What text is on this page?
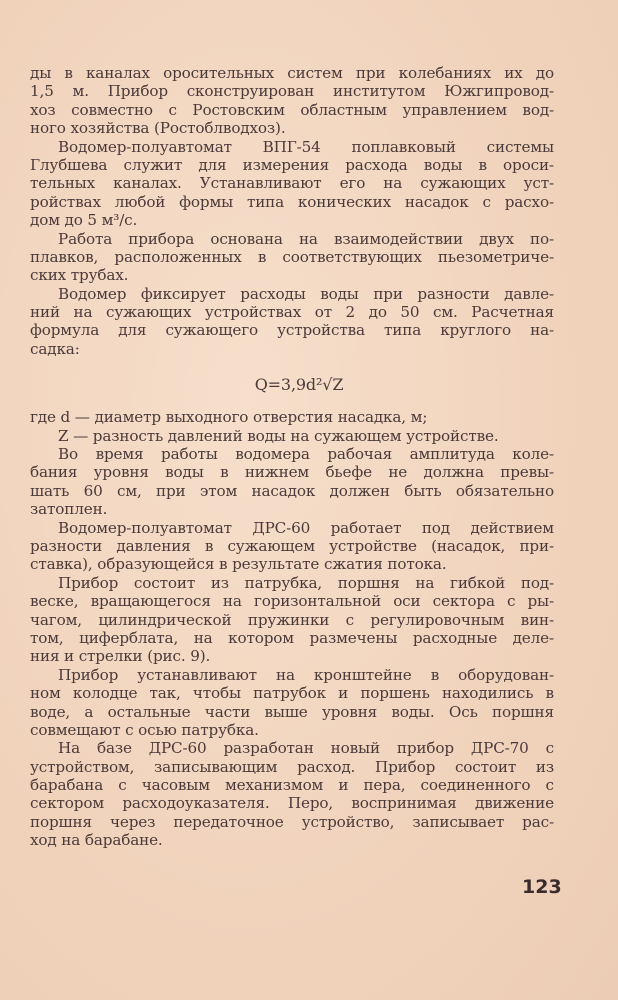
ды в каналах оросительных систем при колебаниях их до
1,5 м. Прибор сконструирован институтом Южгипровод-
хоз совместно с Ростовским областным управлением вод-
ного хозяйства (Ростоблводхоз).
Водомер-полуавтомат ВПГ-54 поплавковый системы
Глубшева служит для измерения расхода воды в ороси-
тельных каналах. Устанавливают его на сужающих уст-
ройствах любой формы типа конических насадок с расхо-
дом до 5 м³/с.
Работа прибора основана на взаимодействии двух по-
плавков, расположенных в соответствующих пьезометриче-
ских трубах.
Водомер фиксирует расходы воды при разности давле-
ний на сужающих устройствах от 2 до 50 см. Расчетная
формула для сужающего устройства типа круглого на-
садка:
Q=3,9d²√Z
где d — диаметр выходного отверстия насадка, м;
Z — разность давлений воды на сужающем устройстве.
Во время работы водомера рабочая амплитуда коле-
бания уровня воды в нижнем бьефе не должна превы-
шать 60 см, при этом насадок должен быть обязательно
затоплен.
Водомер-полуавтомат ДРС-60 работает под действием
разности давления в сужающем устройстве (насадок, при-
ставка), образующейся в результате сжатия потока.
Прибор состоит из патрубка, поршня на гибкой под-
веске, вращающегося на горизонтальной оси сектора с ры-
чагом, цилиндрической пружинки с регулировочным вин-
том, циферблата, на котором размечены расходные деле-
ния и стрелки (рис. 9).
Прибор устанавливают на кронштейне в оборудован-
ном колодце так, чтобы патрубок и поршень находились в
воде, а остальные части выше уровня воды. Ось поршня
совмещают с осью патрубка.
На базе ДРС-60 разработан новый прибор ДРС-70 с
устройством, записывающим расход. Прибор состоит из
барабана с часовым механизмом и пера, соединенного с
сектором расходоуказателя. Перо, воспринимая движение
поршня через передаточное устройство, записывает рас-
ход на барабане.
123
